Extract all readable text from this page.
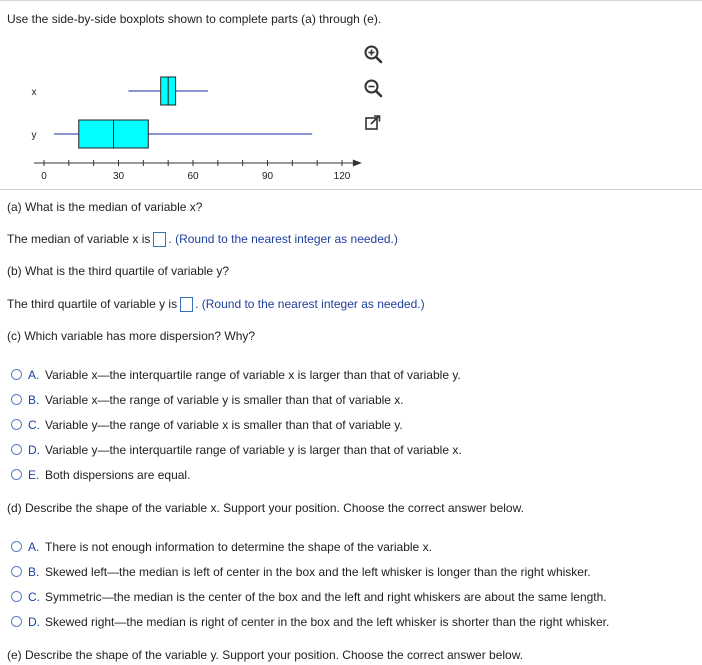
Use the side-by-side boxplots shown to complete parts (a) through (e).
0	30	60	90	120
x
y
(a) What is the median of variable x?
The median of variable x is . (Round to the nearest integer as needed.)
(b) What is the third quartile of variable y?
The third quartile of variable y is . (Round to the nearest integer as needed.)
(c) Which variable has more dispersion? Why?
A. Variable x—the interquartile range of variable x is larger than that of variable y.
B. Variable x—the range of variable y is smaller than that of variable x.
C. Variable y—the range of variable x is smaller than that of variable y.
D. Variable y—the interquartile range of variable y is larger than that of variable x.
E. Both dispersions are equal.
(d) Describe the shape of the variable x. Support your position. Choose the correct answer below.
A. There is not enough information to determine the shape of the variable x.
B. Skewed left—the median is left of center in the box and the left whisker is longer than the right whisker.
C. Symmetric—the median is the center of the box and the left and right whiskers are about the same length.
D. Skewed right—the median is right of center in the box and the left whisker is shorter than the right whisker.
(e) Describe the shape of the variable y. Support your position. Choose the correct answer below.
